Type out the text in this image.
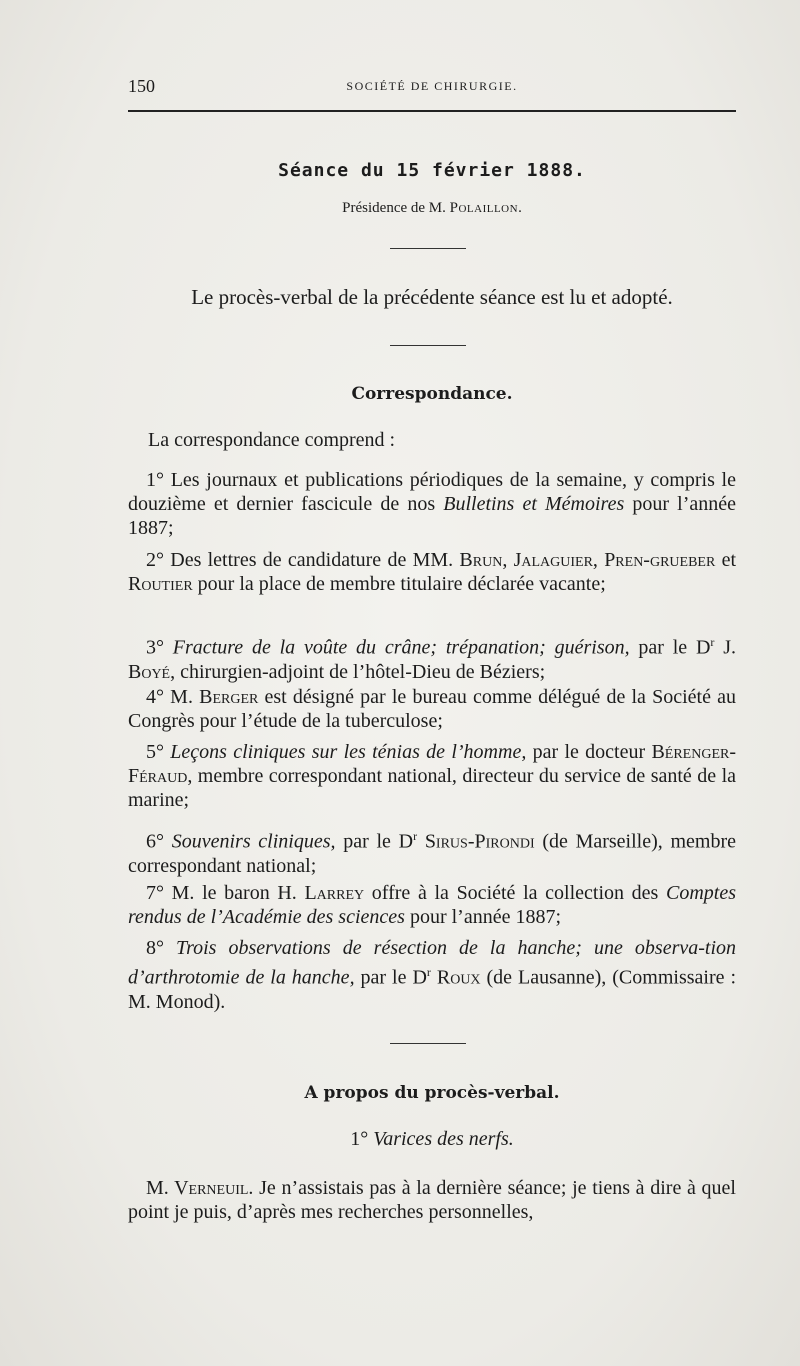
150	SOCIÉTÉ DE CHIRURGIE.
Séance du 15 février 1888.
Présidence de M. Polaillon.
Le procès-verbal de la précédente séance est lu et adopté.
Correspondance.
La correspondance comprend :
1° Les journaux et publications périodiques de la semaine, y compris le douzième et dernier fascicule de nos Bulletins et Mémoires pour l’année 1887;
2° Des lettres de candidature de MM. Brun, Jalaguier, Pren-grueber et Routier pour la place de membre titulaire déclarée vacante;
3° Fracture de la voûte du crâne; trépanation; guérison, par le $D^r$ J. Boyé, chirurgien-adjoint de l’hôtel-Dieu de Béziers;
4° M. Berger est désigné par le bureau comme délégué de la Société au Congrès pour l’étude de la tuberculose;
5° Leçons cliniques sur les ténias de l’homme, par le docteur Bérenger-Féraud, membre correspondant national, directeur du service de santé de la marine;
6° Souvenirs cliniques, par le $D^r$ Sirus-Pirondi (de Marseille), membre correspondant national;
7° M. le baron H. Larrey offre à la Société la collection des Comptes rendus de l’Académie des sciences pour l’année 1887;
8° Trois observations de résection de la hanche; une observa-tion d’arthrotomie de la hanche, par le $D^r$ Roux (de Lausanne), (Commissaire : M. Monod).
A propos du procès-verbal.
1° Varices des nerfs.
M. Verneuil. Je n’assistais pas à la dernière séance; je tiens à dire à quel point je puis, d’après mes recherches personnelles,
